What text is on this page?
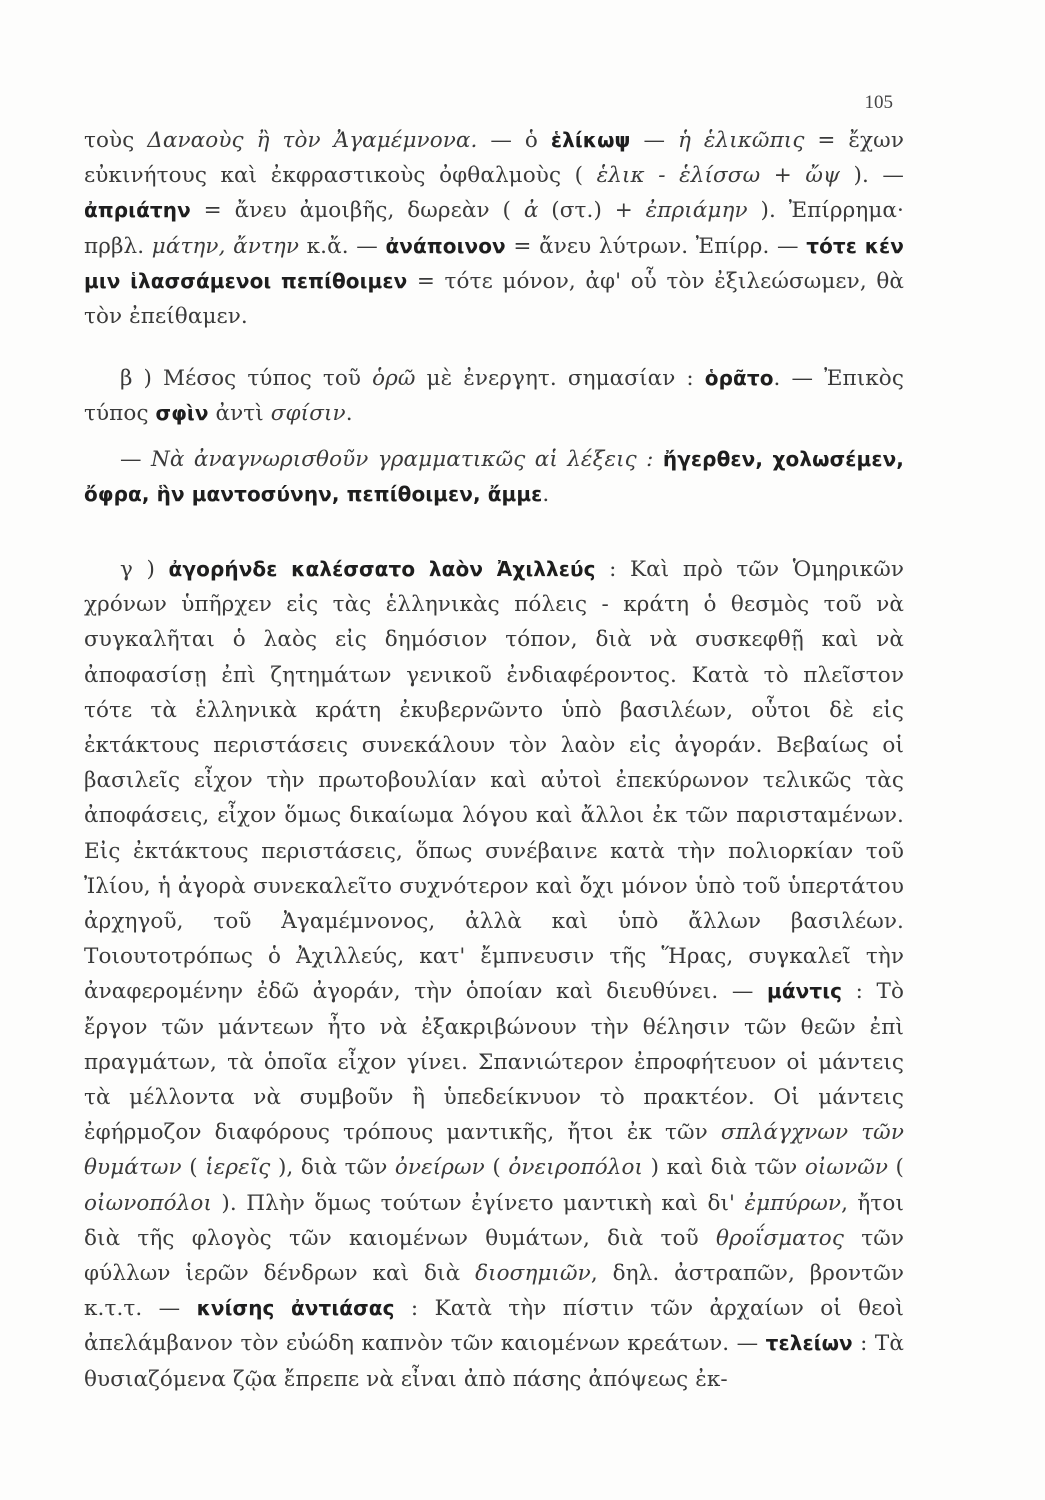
105

τοὺς Δαναοὺς ἢ τὸν Ἀγαμέμνονα. — ὁ ἑλίκωψ — ἡ ἑλικῶπις = ἔχων εὐκινήτους καὶ ἐκφραστικοὺς ὀφθαλμοὺς ( ἑλικ - ἑλίσσω + ὤψ ). — ἀπριάτην = ἄνευ ἀμοιβῆς, δωρεὰν ( ἀ (στ.) + ἐπριάμην ). Ἐπίρρημα· πρβλ. μάτην, ἄντην κ.ἄ. — ἀνάποινον = ἄνευ λύτρων. Ἐπίρρ. — τότε κέν μιν ἱλασσάμενοι πεπίθοιμεν = τότε μόνον, ἀφ' οὗ τὸν ἐξιλεώσωμεν, θὰ τὸν ἐπείθαμεν.

β ) Μέσος τύπος τοῦ ὁρῶ μὲ ἐνεργητ. σημασίαν : ὁρᾶτο. — Ἐπικὸς τύπος σφὶν ἀντὶ σφίσιν.

— Νὰ ἀναγνωρισθοῦν γραμματικῶς αἱ λέξεις : ἤγερθεν, χολωσέμεν, ὄφρα, ἣν μαντοσύνην, πεπίθοιμεν, ἄμμε.

γ ) ἀγορήνδε καλέσσατο λαὸν Ἀχιλλεύς : Καὶ πρὸ τῶν Ὁμηρικῶν χρόνων ὑπῆρχεν εἰς τὰς ἑλληνικὰς πόλεις - κράτη ὁ θεσμὸς τοῦ νὰ συγκαλῆται ὁ λαὸς εἰς δημόσιον τόπον, διὰ νὰ συσκεφθῇ καὶ νὰ ἀποφασίσῃ ἐπὶ ζητημάτων γενικοῦ ἐνδιαφέροντος. Κατὰ τὸ πλεῖστον τότε τὰ ἑλληνικὰ κράτη ἐκυβερνῶντο ὑπὸ βασιλέων, οὗτοι δὲ εἰς ἐκτάκτους περιστάσεις συνεκάλουν τὸν λαὸν εἰς ἀγοράν. Βεβαίως οἱ βασιλεῖς εἶχον τὴν πρωτοβουλίαν καὶ αὐτοὶ ἐπεκύρωνον τελικῶς τὰς ἀποφάσεις, εἶχον ὅμως δικαίωμα λόγου καὶ ἄλλοι ἐκ τῶν παρισταμένων. Εἰς ἐκτάκτους περιστάσεις, ὅπως συνέβαινε κατὰ τὴν πολιορκίαν τοῦ Ἰλίου, ἡ ἀγορὰ συνεκαλεῖτο συχνότερον καὶ ὄχι μόνον ὑπὸ τοῦ ὑπερτάτου ἀρχηγοῦ, τοῦ Ἀγαμέμνονος, ἀλλὰ καὶ ὑπὸ ἄλλων βασιλέων. Τοιουτοτρόπως ὁ Ἀχιλλεύς, κατ' ἔμπνευσιν τῆς Ἥρας, συγκαλεῖ τὴν ἀναφερομένην ἐδῶ ἀγοράν, τὴν ὁποίαν καὶ διευθύνει. — μάντις : Τὸ ἔργον τῶν μάντεων ἦτο νὰ ἐξακριβώνουν τὴν θέλησιν τῶν θεῶν ἐπὶ πραγμάτων, τὰ ὁποῖα εἶχον γίνει. Σπανιώτερον ἐπροφήτευον οἱ μάντεις τὰ μέλλοντα νὰ συμβοῦν ἢ ὑπεδείκνυον τὸ πρακτέον. Οἱ μάντεις ἐφήρμοζον διαφόρους τρόπους μαντικῆς, ἤτοι ἐκ τῶν σπλάγχνων τῶν θυμάτων ( ἱερεῖς ), διὰ τῶν ὀνείρων ( ὀνειροπόλοι ) καὶ διὰ τῶν οἰωνῶν ( οἰωνοπόλοι ). Πλὴν ὅμως τούτων ἐγίνετο μαντικὴ καὶ δι' ἐμπύρων, ἤτοι διὰ τῆς φλογὸς τῶν καιομένων θυμάτων, διὰ τοῦ θροΐσματος τῶν φύλλων ἱερῶν δένδρων καὶ διὰ διοσημιῶν, δηλ. ἀστραπῶν, βροντῶν κ.τ.τ. — κνίσης ἀντιάσας : Κατὰ τὴν πίστιν τῶν ἀρχαίων οἱ θεοὶ ἀπελάμβανον τὸν εὐώδη καπνὸν τῶν καιομένων κρεάτων. — τελείων : Τὰ θυσιαζόμενα ζῷα ἔπρεπε νὰ εἶναι ἀπὸ πάσης ἀπόψεως ἐκ-
